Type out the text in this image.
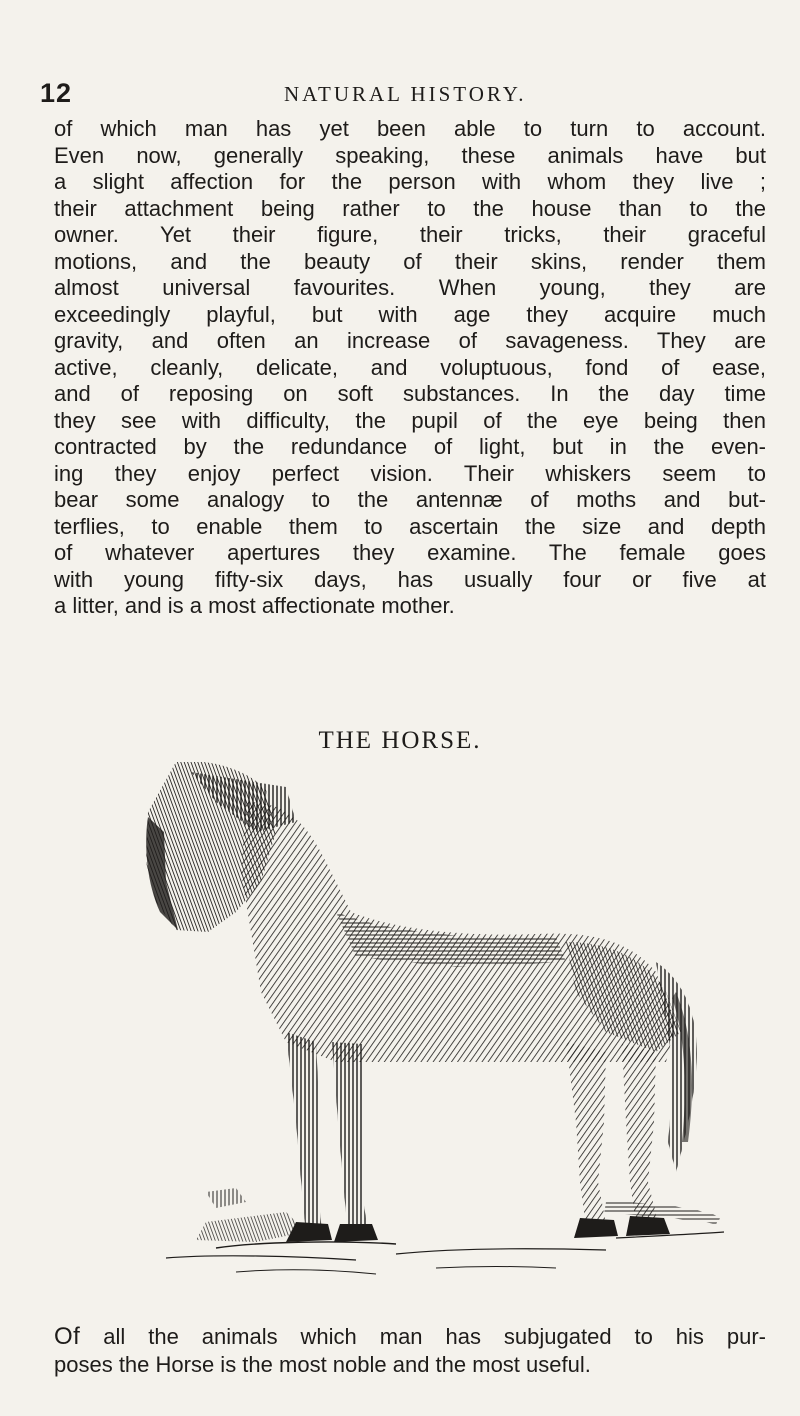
12	NATURAL HISTORY.
of which man has yet been able to turn to account.
Even now, generally speaking, these animals have but
a slight affection for the person with whom they live ;
their attachment being rather to the house than to the
owner. Yet their figure, their tricks, their graceful
motions, and the beauty of their skins, render them
almost universal favourites. When young, they are
exceedingly playful, but with age they acquire much
gravity, and often an increase of savageness. They are
active, cleanly, delicate, and voluptuous, fond of ease,
and of reposing on soft substances. In the day time
they see with difficulty, the pupil of the eye being then
contracted by the redundance of light, but in the even-
ing they enjoy perfect vision. Their whiskers seem to
bear some analogy to the antennæ of moths and but-
terflies, to enable them to ascertain the size and depth
of whatever apertures they examine. The female goes
with young fifty-six days, has usually four or five at
a litter, and is a most affectionate mother.
THE HORSE.
Of all the animals which man has subjugated to his pur-
poses the Horse is the most noble and the most useful.
